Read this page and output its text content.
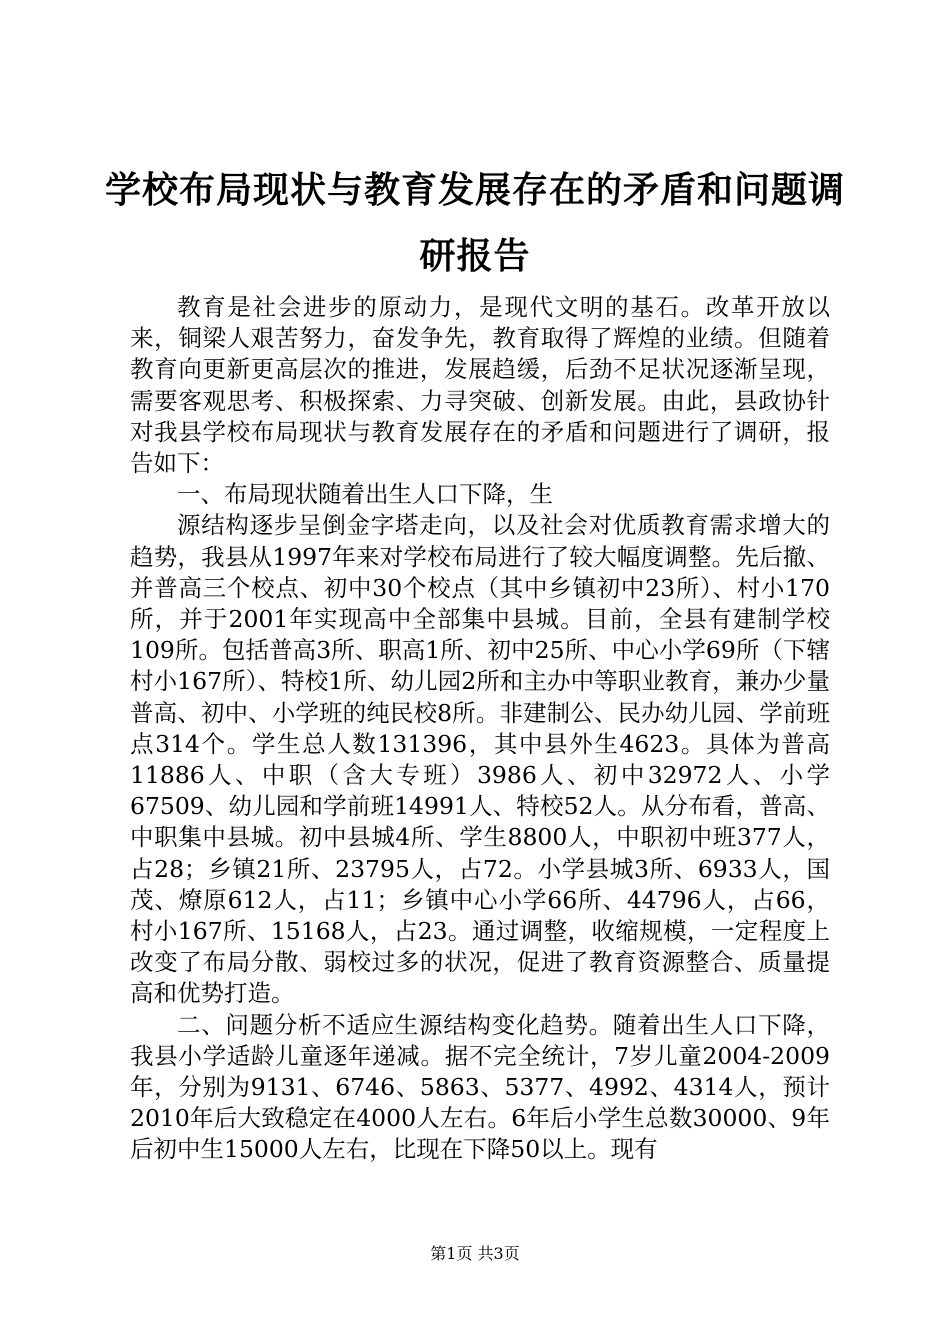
学校布局现状与教育发展存在的矛盾和问题调研报告

教育是社会进步的原动力，是现代文明的基石。改革开放以来，铜梁人艰苦努力，奋发争先，教育取得了辉煌的业绩。但随着教育向更新更高层次的推进，发展趋缓，后劲不足状况逐渐呈现，需要客观思考、积极探索、力寻突破、创新发展。由此，县政协针对我县学校布局现状与教育发展存在的矛盾和问题进行了调研，报告如下：

一、布局现状随着出生人口下降，生

源结构逐步呈倒金字塔走向，以及社会对优质教育需求增大的趋势，我县从1997年来对学校布局进行了较大幅度调整。先后撤、并普高三个校点、初中30个校点（其中乡镇初中23所）、村小170所，并于2001年实现高中全部集中县城。目前，全县有建制学校109所。包括普高3所、职高1所、初中25所、中心小学69所（下辖村小167所）、特校1所、幼儿园2所和主办中等职业教育，兼办少量普高、初中、小学班的纯民校8所。非建制公、民办幼儿园、学前班点314个。学生总人数131396，其中县外生4623。具体为普高11886人、中职（含大专班）3986人、初中32972人、小学67509、幼儿园和学前班14991人、特校52人。从分布看，普高、中职集中县城。初中县城4所、学生8800人，中职初中班377人，占28；乡镇21所、23795人，占72。小学县城3所、6933人，国茂、燎原612人，占11；乡镇中心小学66所、44796人，占66，村小167所、15168人，占23。通过调整，收缩规模，一定程度上改变了布局分散、弱校过多的状况，促进了教育资源整合、质量提高和优势打造。

二、问题分析不适应生源结构变化趋势。随着出生人口下降，我县小学适龄儿童逐年递减。据不完全统计，7岁儿童2004-2009年，分别为9131、6746、5863、5377、4992、4314人，预计2010年后大致稳定在4000人左右。6年后小学生总数30000、9年后初中生15000人左右，比现在下降50以上。现有

第1页 共3页
